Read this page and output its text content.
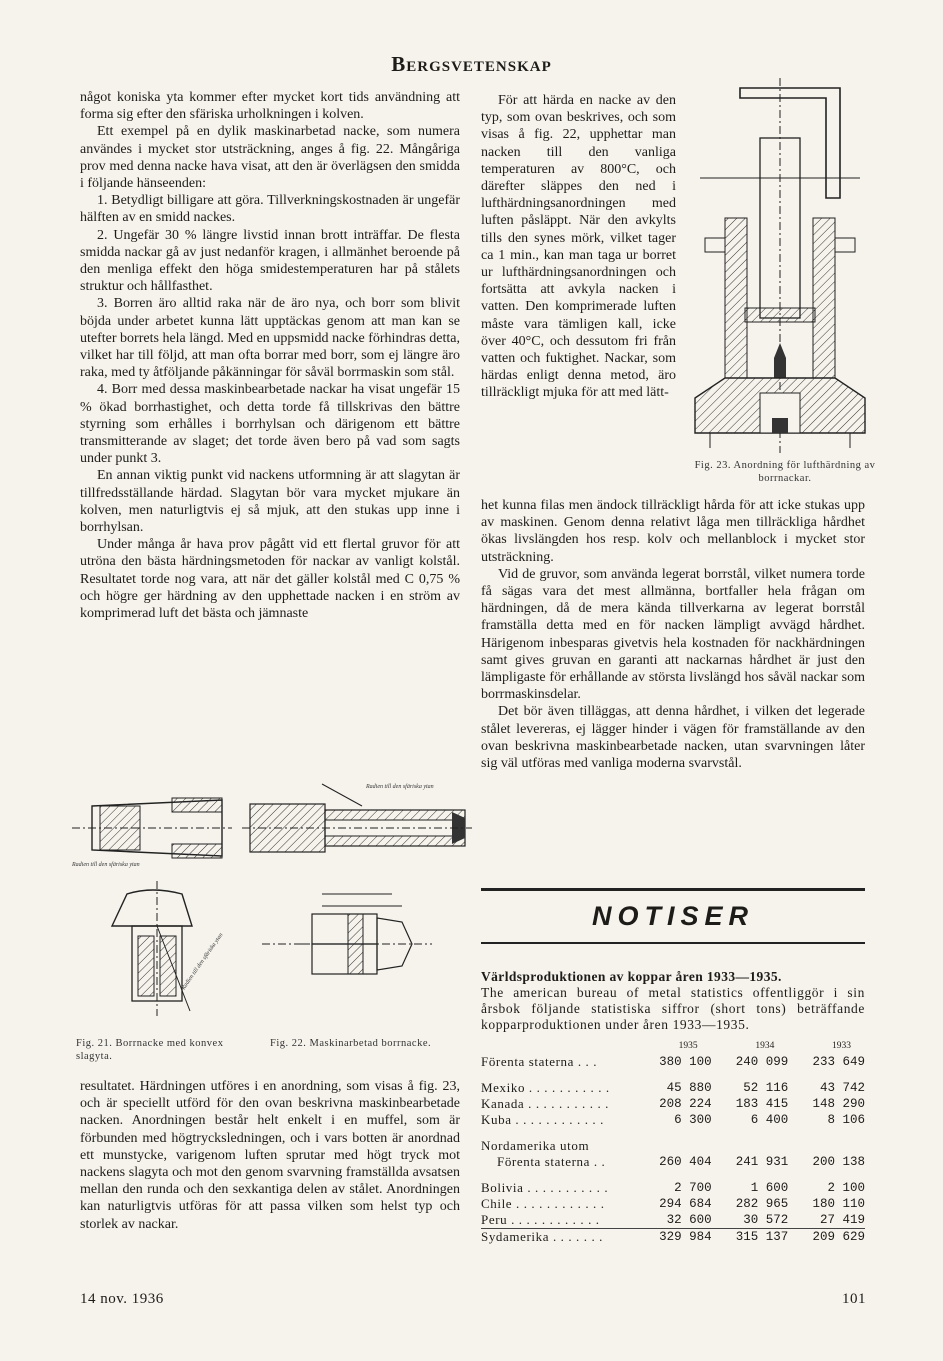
Bergsvetenskap

något koniska yta kommer efter mycket kort tids användning att forma sig efter den sfäriska urholkningen i kolven.

Ett exempel på en dylik maskinarbetad nacke, som numera användes i mycket stor utsträckning, anges å fig. 22. Mångåriga prov med denna nacke hava visat, att den är överlägsen den smidda i följande hänseenden:

1. Betydligt billigare att göra. Tillverkningskostnaden är ungefär hälften av en smidd nackes.

2. Ungefär 30 % längre livstid innan brott inträffar. De flesta smidda nackar gå av just nedanför kragen, i allmänhet beroende på den menliga effekt den höga smidestemperaturen har på stålets struktur och hållfasthet.

3. Borren äro alltid raka när de äro nya, och borr som blivit böjda under arbetet kunna lätt upptäckas genom att man kan se utefter borrets hela längd. Med en uppsmidd nacke förhindras detta, vilket har till följd, att man ofta borrar med borr, som ej längre äro raka, med ty åtföljande påkänningar för såväl borrmaskin som stål.

4. Borr med dessa maskinbearbetade nackar ha visat ungefär 15 % ökad borrhastighet, och detta torde få tillskrivas den bättre styrning som erhålles i borrhylsan och därigenom ett bättre transmitterande av slaget; det torde även bero på vad som sagts under punkt 3.

En annan viktig punkt vid nackens utformning är att slagytan är tillfredsställande härdad. Slagytan bör vara mycket mjukare än kolven, men naturligtvis ej så mjuk, att den stukas upp inne i borrhylsan.

Under många år hava prov pågått vid ett flertal gruvor för att utröna den bästa härdningsmetoden för nackar av vanligt kolstål. Resultatet torde nog vara, att när det gäller kolstål med C 0,75 % och högre ger härdning av den upphettade nacken i en ström av komprimerad luft det bästa och jämnaste

Radien till den sfäriska ytan
Radien till den sfäriska ytan
Radien till den sfäriska ytan
Fig. 21. Borrnacke med konvex slagyta.
Fig. 22. Maskinarbetad borrnacke.

resultatet. Härdningen utföres i en anordning, som visas å fig. 23, och är speciellt utförd för den ovan beskrivna maskinbearbetade nacken. Anordningen består helt enkelt i en muffel, som är förbunden med högtrycksledningen, och i vars botten är anordnad ett munstycke, varigenom luften sprutar med högt tryck mot nackens slagyta och mot den genom svarvning framställda avsatsen mellan den runda och den sexkantiga delen av stålet. Anordningen kan naturligtvis utföras för att passa vilken som helst typ och storlek av nackar.

För att härda en nacke av den typ, som ovan beskrives, och som visas å fig. 22, upphettar man nacken till den vanliga temperaturen av 800°C, och därefter släppes den ned i lufthärdningsanordningen med luften påsläppt. När den avkylts tills den synes mörk, vilket tager ca 1 min., kan man taga ur borret ur lufthärdningsanordningen och fortsätta att avkyla nacken i vatten. Den komprimerade luften måste vara tämligen kall, icke över 40°C, och dessutom fri från vatten och fuktighet. Nackar, som härdas enligt denna metod, äro tillräckligt mjuka för att med lätt-

Fig. 23. Anordning för lufthärdning av borrnackar.

het kunna filas men ändock tillräckligt hårda för att icke stukas upp av maskinen. Genom denna relativt låga men tillräckliga hårdhet ökas livslängden hos resp. kolv och mellanblock i mycket stor utsträckning.

Vid de gruvor, som använda legerat borrstål, vilket numera torde få sägas vara det mest allmänna, bortfaller hela frågan om härdningen, då de mera kända tillverkarna av legerat borrstål framställa detta med en för nacken lämpligt avvägd hårdhet. Härigenom inbesparas givetvis hela kostnaden för nackhärdningen samt gives gruvan en garanti att nackarnas hårdhet är just den lämpligaste för erhållande av största livslängd hos såväl nackar som borrmaskinsdelar.

Det bör även tilläggas, att denna hårdhet, i vilken det legerade stålet levereras, ej lägger hinder i vägen för framställande av den ovan beskrivna maskinbearbetade nacken, utan svarvningen låter sig väl utföras med vanliga moderna svarvstål.

NOTISER
Världsproduktionen av koppar åren 1933—1935.
The american bureau of metal statistics offentliggör i sin årsbok följande statistiska siffror (short tons) beträffande kopparproduktionen under åren 1933—1935.
	1935	1934	1933
Förenta staterna . . .	380 100	240 099	233 649

Mexiko . . . . . . . . . . .	45 880	52 116	43 742
Kanada . . . . . . . . . . .	208 224	183 415	148 290
Kuba . . . . . . . . . . . .	6 300	6 400	8 106

Nordamerika utom			
Förenta staterna . .	260 404	241 931	200 138

Bolivia . . . . . . . . . . .	2 700	1 600	2 100
Chile . . . . . . . . . . . .	294 684	282 965	180 110
Peru . . . . . . . . . . . .	32 600	30 572	27 419
Sydamerika . . . . . . .	329 984	315 137	209 629
14 nov. 1936	101
